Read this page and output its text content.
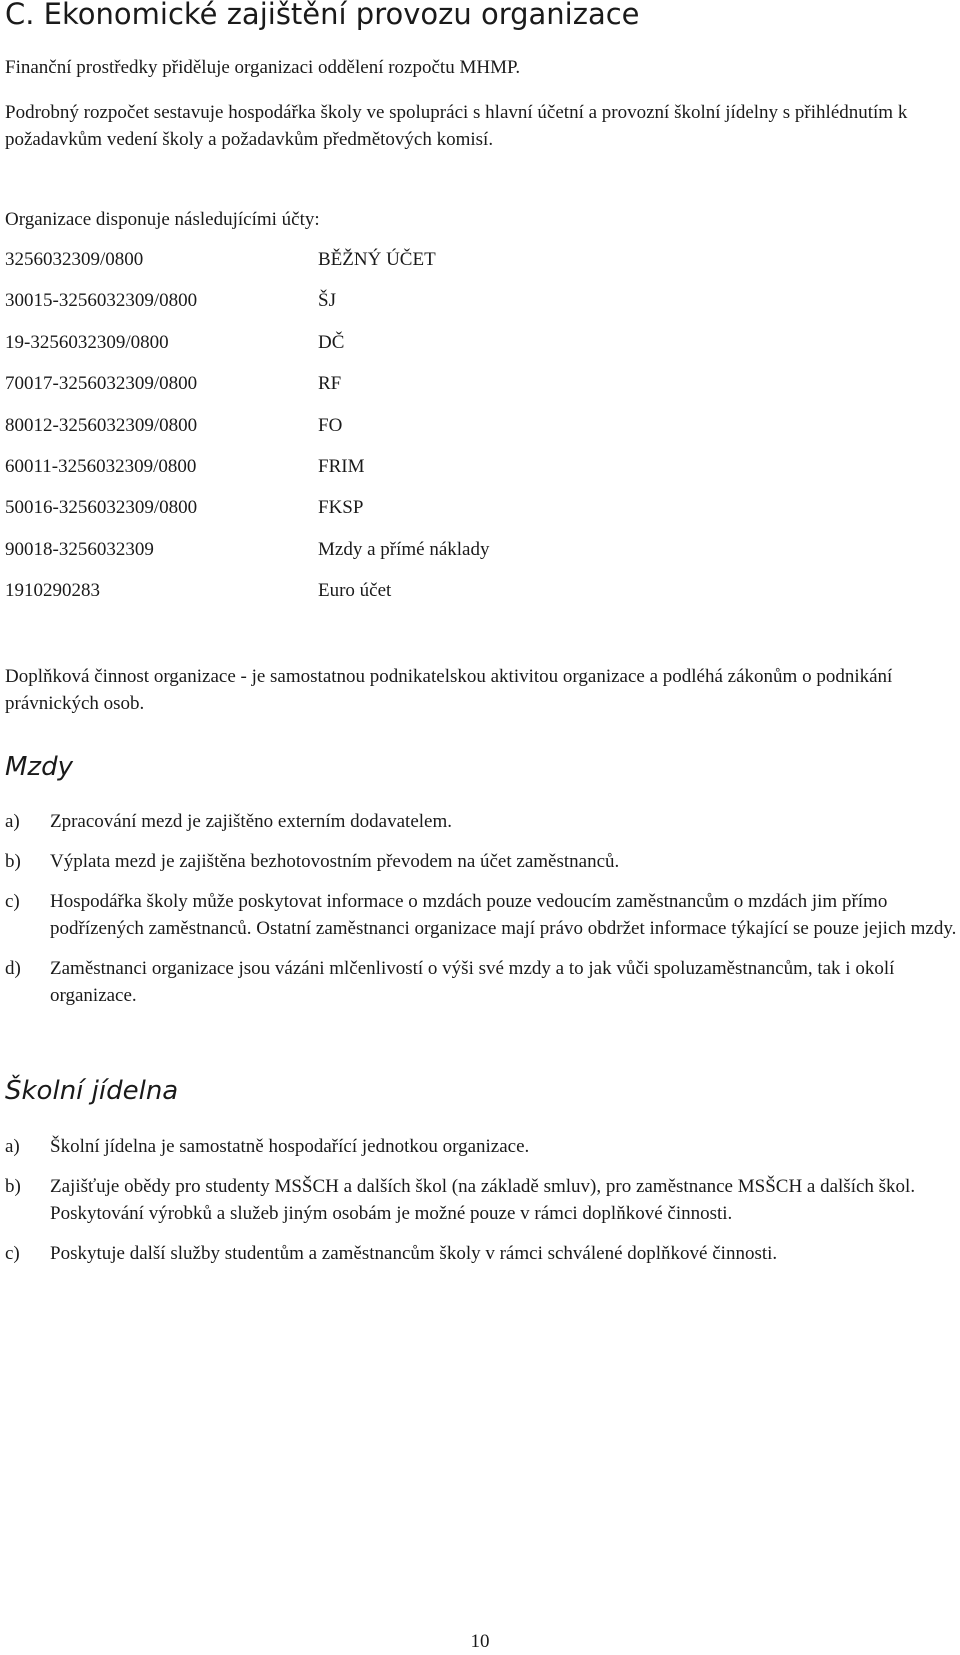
C. Ekonomické zajištění provozu organizace

Finanční prostředky přiděluje organizaci oddělení rozpočtu MHMP.

Podrobný rozpočet sestavuje hospodářka školy ve spolupráci s hlavní účetní a provozní školní jídelny s přihlédnutím k požadavkům vedení školy a požadavkům předmětových komisí.

Organizace disponuje následujícími účty:

3256032309/0800	BĚŽNÝ ÚČET
30015-3256032309/0800	ŠJ
19-3256032309/0800	DČ
70017-3256032309/0800	RF
80012-3256032309/0800	FO
60011-3256032309/0800	FRIM
50016-3256032309/0800	FKSP
90018-3256032309	Mzdy a přímé náklady
1910290283	Euro účet

Doplňková činnost organizace - je samostatnou podnikatelskou aktivitou organizace a podléhá zákonům o podnikání právnických osob.

Mzdy
a) Zpracování mezd je zajištěno externím dodavatelem.
b) Výplata mezd je zajištěna bezhotovostním převodem na účet zaměstnanců.
c) Hospodářka školy může poskytovat informace o mzdách pouze vedoucím zaměstnancům o mzdách jim přímo podřízených zaměstnanců. Ostatní zaměstnanci organizace mají právo obdržet informace týkající se pouze jejich mzdy.
d) Zaměstnanci organizace jsou vázáni mlčenlivostí o výši své mzdy a to jak vůči spoluzaměstnancům, tak i okolí organizace.
Školní jídelna
a) Školní jídelna je samostatně hospodařící jednotkou organizace.
b) Zajišťuje obědy pro studenty MSŠCH a dalších škol (na základě smluv), pro zaměstnance MSŠCH a dalších škol. Poskytování výrobků a služeb jiným osobám je možné pouze v rámci doplňkové činnosti.
c) Poskytuje další služby studentům a zaměstnancům školy v rámci schválené doplňkové činnosti.
10
